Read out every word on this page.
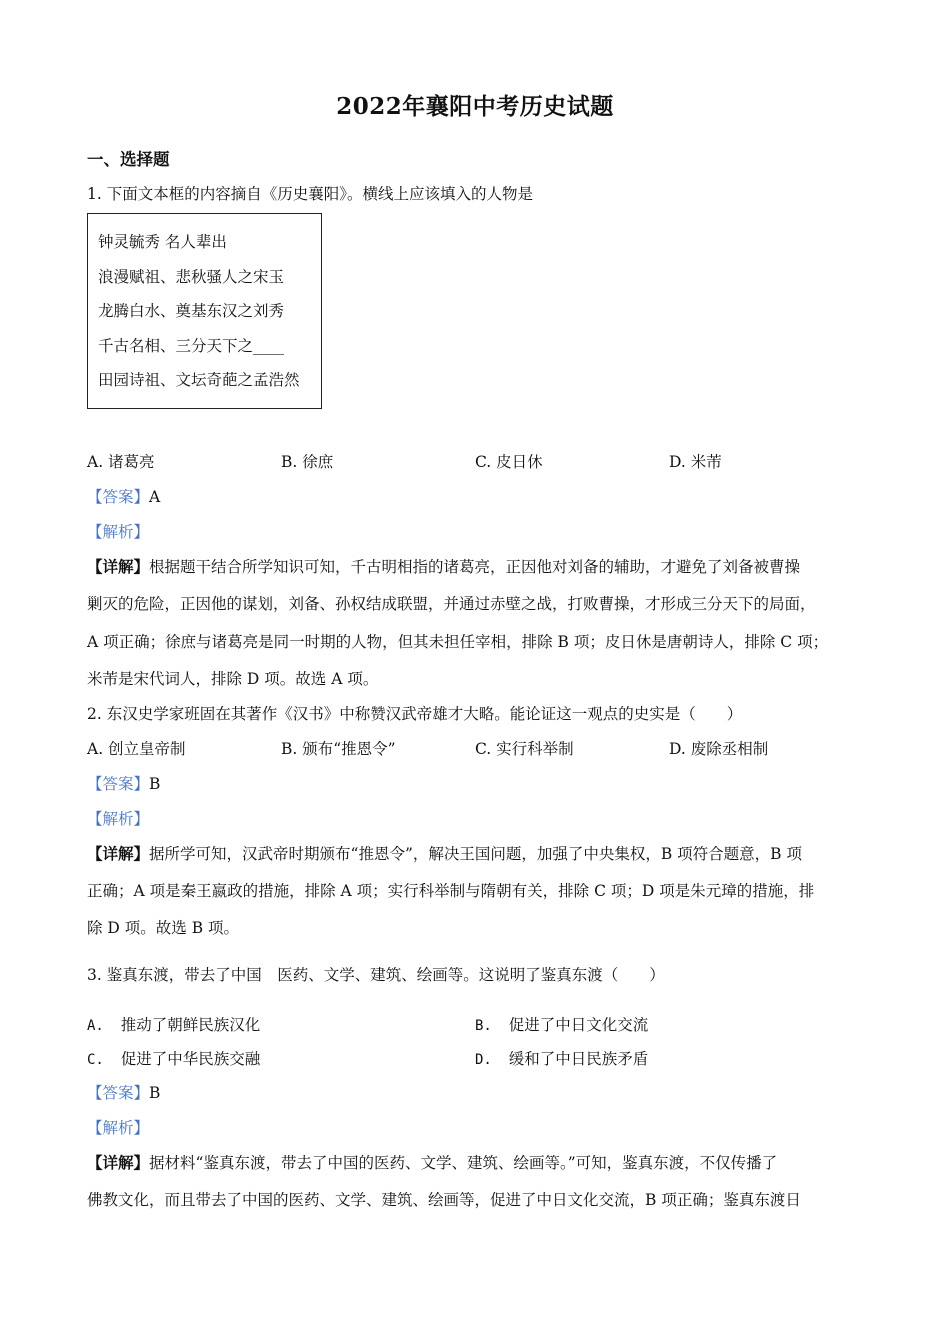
2022年襄阳中考历史试题
一、选择题
1. 下面文本框的内容摘自《历史襄阳》。横线上应该填入的人物是
钟灵毓秀 名人辈出
浪漫赋祖、悲秋骚人之宋玉
龙腾白水、奠基东汉之刘秀
千古名相、三分天下之____
田园诗祖、文坛奇葩之孟浩然
A. 诸葛亮	B. 徐庶	C. 皮日休	D. 米芾
【答案】A
【解析】
【详解】根据题干结合所学知识可知，千古明相指的诸葛亮，正因他对刘备的辅助，才避免了刘备被曹操
剿灭的危险，正因他的谋划，刘备、孙权结成联盟，并通过赤壁之战，打败曹操，才形成三分天下的局面，
A 项正确；徐庶与诸葛亮是同一时期的人物，但其未担任宰相，排除 B 项；皮日休是唐朝诗人，排除 C 项；
米芾是宋代词人，排除 D 项。故选 A 项。
2. 东汉史学家班固在其著作《汉书》中称赞汉武帝雄才大略。能论证这一观点的史实是（　　）
A. 创立皇帝制	B. 颁布“推恩令”	C. 实行科举制	D. 废除丞相制
【答案】B
【解析】
【详解】据所学可知，汉武帝时期颁布“推恩令”，解决王国问题，加强了中央集权，B 项符合题意，B 项
正确；A 项是秦王嬴政的措施，排除 A 项；实行科举制与隋朝有关，排除 C 项；D 项是朱元璋的措施，排
除 D 项。故选 B 项。
3. 鉴真东渡，带去了中国　医药、文学、建筑、绘画等。这说明了鉴真东渡（　　）
A. 推动了朝鲜民族汉化	B. 促进了中日文化交流
C. 促进了中华民族交融	D. 缓和了中日民族矛盾
【答案】B
【解析】
【详解】据材料“鉴真东渡，带去了中国的医药、文学、建筑、绘画等。”可知，鉴真东渡，不仅传播了
佛教文化，而且带去了中国的医药、文学、建筑、绘画等，促进了中日文化交流，B 项正确；鉴真东渡日
